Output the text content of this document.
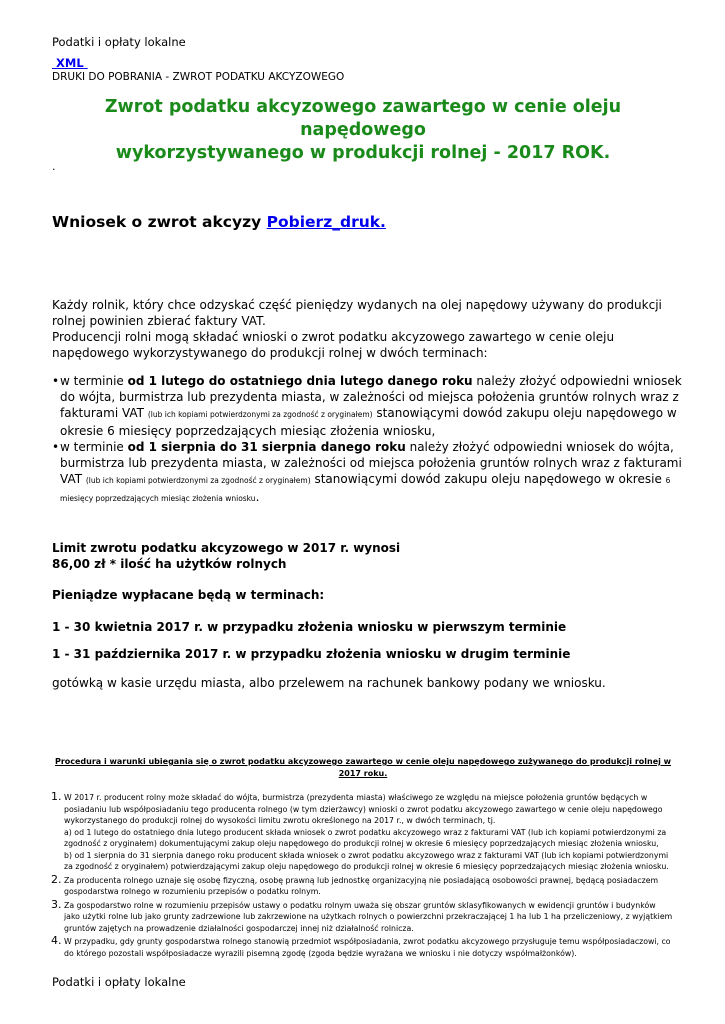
Podatki i opłaty lokalne
XML
DRUKI DO POBRANIA - ZWROT PODATKU AKCYZOWEGO
Zwrot podatku akcyzowego zawartego w cenie oleju napędowego
wykorzystywanego w produkcji rolnej - 2017 ROK.
.
Wniosek o zwrot akcyzy Pobierz_druk.
Każdy rolnik, który chce odzyskać część pieniędzy wydanych na olej napędowy używany do produkcji rolnej powinien zbierać faktury VAT.
Producencji rolni mogą składać wnioski o zwrot podatku akcyzowego zawartego w cenie oleju napędowego wykorzystywanego do produkcji rolnej w dwóch terminach:
• w terminie od 1 lutego do ostatniego dnia lutego danego roku należy złożyć odpowiedni wniosek do wójta, burmistrza lub prezydenta miasta, w zależności od miejsca położenia gruntów rolnych wraz z fakturami VAT (lub ich kopiami potwierdzonymi za zgodność z oryginałem) stanowiącymi dowód zakupu oleju napędowego w okresie 6 miesięcy poprzedzających miesiąc złożenia wniosku,
• w terminie od 1 sierpnia do 31 sierpnia danego roku należy złożyć odpowiedni wniosek do wójta, burmistrza lub prezydenta miasta, w zależności od miejsca położenia gruntów rolnych wraz z fakturami VAT (lub ich kopiami potwierdzonymi za zgodność z oryginałem) stanowiącymi dowód zakupu oleju napędowego w okresie 6 miesięcy poprzedzających miesiąc złożenia wniosku.
Limit zwrotu podatku akcyzowego w 2017 r. wynosi
86,00 zł * ilość ha użytków rolnych
Pieniądze wypłacane będą w terminach:
1 - 30 kwietnia 2017 r. w przypadku złożenia wniosku w pierwszym terminie
1 - 31 października 2017 r. w przypadku złożenia wniosku w drugim terminie
gotówką w kasie urzędu miasta, albo przelewem na rachunek bankowy podany we wniosku.
Procedura i warunki ubiegania się o zwrot podatku akcyzowego zawartego w cenie oleju napędowego zużywanego do produkcji rolnej w 2017 roku.
1. W 2017 r. producent rolny może składać do wójta, burmistrza (prezydenta miasta) właściwego ze względu na miejsce położenia gruntów będących w posiadaniu lub współposiadaniu tego producenta rolnego (w tym dzierżawcy) wnioski o zwrot podatku akcyzowego zawartego w cenie oleju napędowego wykorzystanego do produkcji rolnej do wysokości limitu zwrotu określonego na 2017 r., w dwóch terminach, tj.
a) od 1 lutego do ostatniego dnia lutego producent składa wniosek o zwrot podatku akcyzowego wraz z fakturami VAT (lub ich kopiami potwierdzonymi za zgodność z oryginałem) dokumentującymi zakup oleju napędowego do produkcji rolnej w okresie 6 miesięcy poprzedzających miesiąc złożenia wniosku,
b) od 1 sierpnia do 31 sierpnia danego roku producent składa wniosek o zwrot podatku akcyzowego wraz z fakturami VAT (lub ich kopiami potwierdzonymi za zgodność z oryginałem) potwierdzającymi zakup oleju napędowego do produkcji rolnej w okresie 6 miesięcy poprzedzających miesiąc złożenia wniosku.
2. Za producenta rolnego uznaje się osobę fizyczną, osobę prawną lub jednostkę organizacyjną nie posiadającą osobowości prawnej, będącą posiadaczem gospodarstwa rolnego w rozumieniu przepisów o podatku rolnym.
3. Za gospodarstwo rolne w rozumieniu przepisów ustawy o podatku rolnym uważa się obszar gruntów sklasyfikowanych w ewidencji gruntów i budynków jako użytki rolne lub jako grunty zadrzewione lub zakrzewione na użytkach rolnych o powierzchni przekraczającej 1 ha lub 1 ha przeliczeniowy, z wyjątkiem gruntów zajętych na prowadzenie działalności gospodarczej innej niż działalność rolnicza.
4. W przypadku, gdy grunty gospodarstwa rolnego stanowią przedmiot współposiadania, zwrot podatku akcyzowego przysługuje temu współposiadaczowi, co do którego pozostali współposiadacze wyrazili pisemną zgodę (zgoda będzie wyrażana we wniosku i nie dotyczy współmałżonków).
Podatki i opłaty lokalne
